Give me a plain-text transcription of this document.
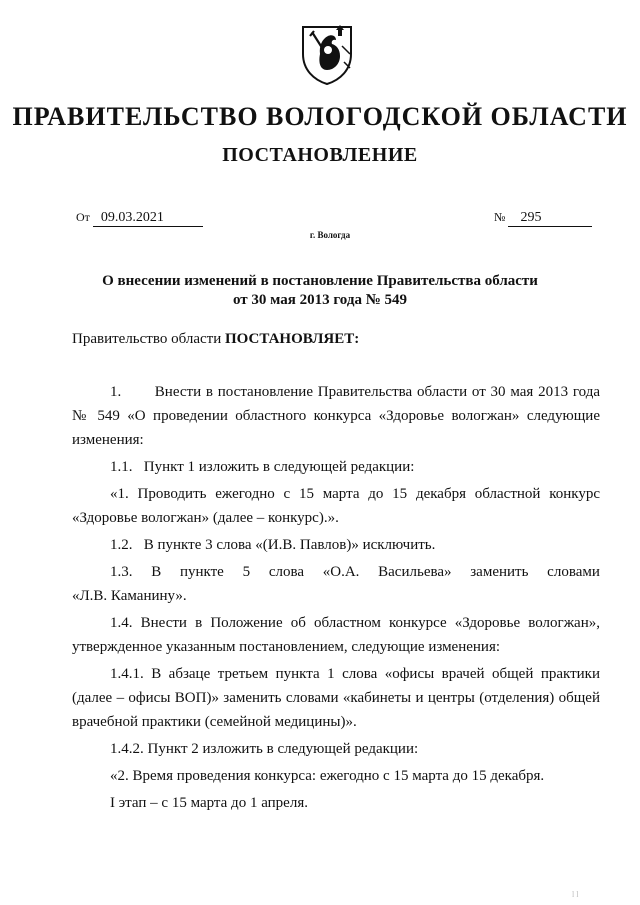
ПРАВИТЕЛЬСТВО ВОЛОГОДСКОЙ ОБЛАСТИ
ПОСТАНОВЛЕНИЕ
От 09.03.2021	№ 295
г. Вологда
О внесении изменений в постановление Правительства области
от 30 мая 2013 года № 549
Правительство области ПОСТАНОВЛЯЕТ:

1.       Внести в постановление Правительства области от 30 мая 2013 года № 549 «О проведении областного конкурса «Здоровье вологжан» следующие изменения:

1.1.   Пункт 1 изложить в следующей редакции:

«1. Проводить ежегодно с 15 марта до 15 декабря областной конкурс «Здоровье вологжан» (далее – конкурс).».

1.2.   В пункте 3 слова «(И.В. Павлов)» исключить.

1.3. В пункте 5 слова «О.А. Васильева» заменить словами

«Л.В. Каманину».

1.4. Внести в Положение об областном конкурсе «Здоровье вологжан», утвержденное указанным постановлением, следующие изменения:

1.4.1. В абзаце третьем пункта 1 слова «офисы врачей общей практики (далее – офисы ВОП)» заменить словами «кабинеты и центры (отделения) общей врачебной практики (семейной медицины)».

1.4.2. Пункт 2 изложить в следующей редакции:

«2. Время проведения конкурса: ежегодно с 15 марта до 15 декабря.

I этап – с 15 марта до 1 апреля.

l l
